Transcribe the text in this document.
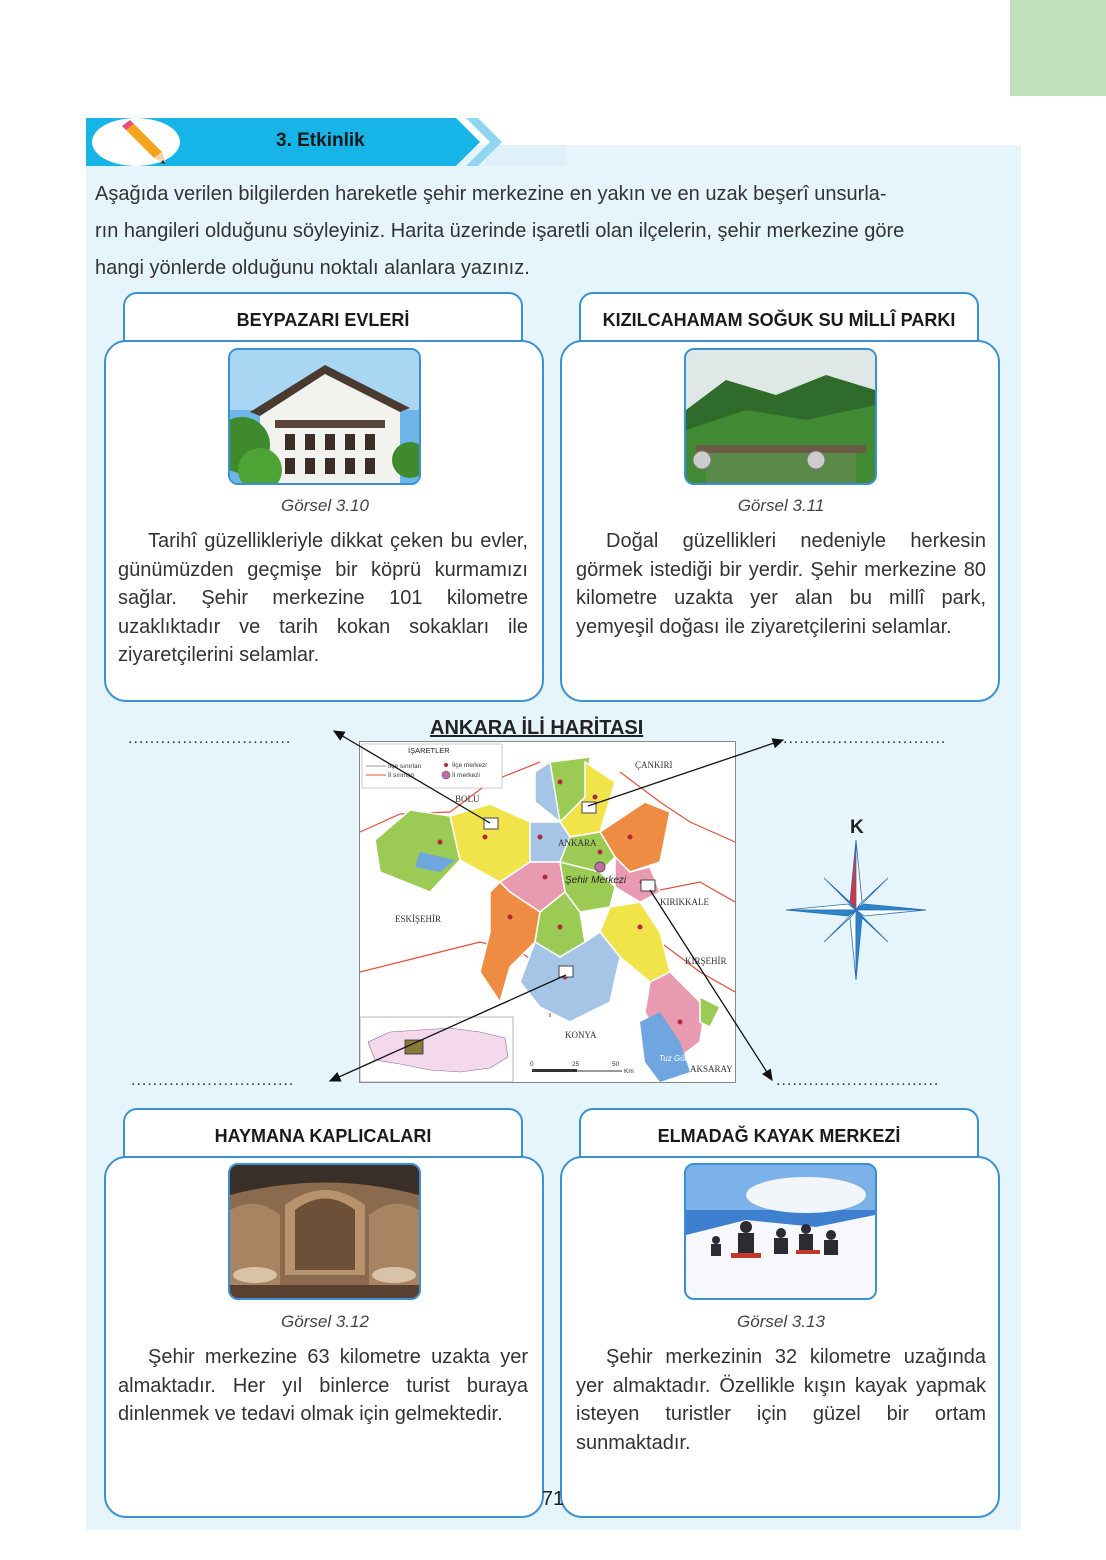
3. Etkinlik
Aşağıda verilen bilgilerden hareketle şehir merkezine en yakın ve en uzak beşerî unsurla-
rın hangileri olduğunu söyleyiniz. Harita üzerinde işaretli olan ilçelerin, şehir merkezine göre
hangi yönlerde olduğunu noktalı alanlara yazınız.
BEYPAZARI EVLERİ
Görsel 3.10
Tarihî güzellikleriyle dikkat çeken bu evler, günümüzden geçmişe bir köprü kurmamızı sağlar. Şehir merkezine 101 kilometre uzaklıktadır ve tarih kokan sokakları ile ziyaretçilerini selamlar.
KIZILCAHAMAM SOĞUK SU MİLLÎ PARKI
Görsel 3.11
Doğal güzellikleri nedeniyle herkesin görmek istediği bir yerdir. Şehir merkezine 80 kilometre uzakta yer alan bu millî park, yemyeşil doğası ile ziyaretçilerini selamlar.
..............................	..............................
..............................	..............................
ANKARA İLİ HARİTASI
ÇANKIRI
BOLU
ANKARA
KIRIKKALE
ESKİŞEHİR
KIRŞEHİR
KONYA
AKSARAY
Şehir Merkezi
Tuz Gölü
İŞARETLER
İlçe sınırları
İl sınırları
İlçe merkezi
İl merkezi
0	25	50
Km
K
HAYMANA KAPLICALARI
Görsel 3.12
Şehir merkezine 63 kilometre uzakta yer almaktadır. Her yıl binlerce turist buraya dinlenmek ve tedavi olmak için gelmektedir.
ELMADAĞ KAYAK MERKEZİ
Görsel 3.13
Şehir merkezinin 32 kilometre uzağında yer almaktadır. Özellikle kışın kayak yapmak isteyen turistler için güzel bir ortam sunmaktadır.
71
